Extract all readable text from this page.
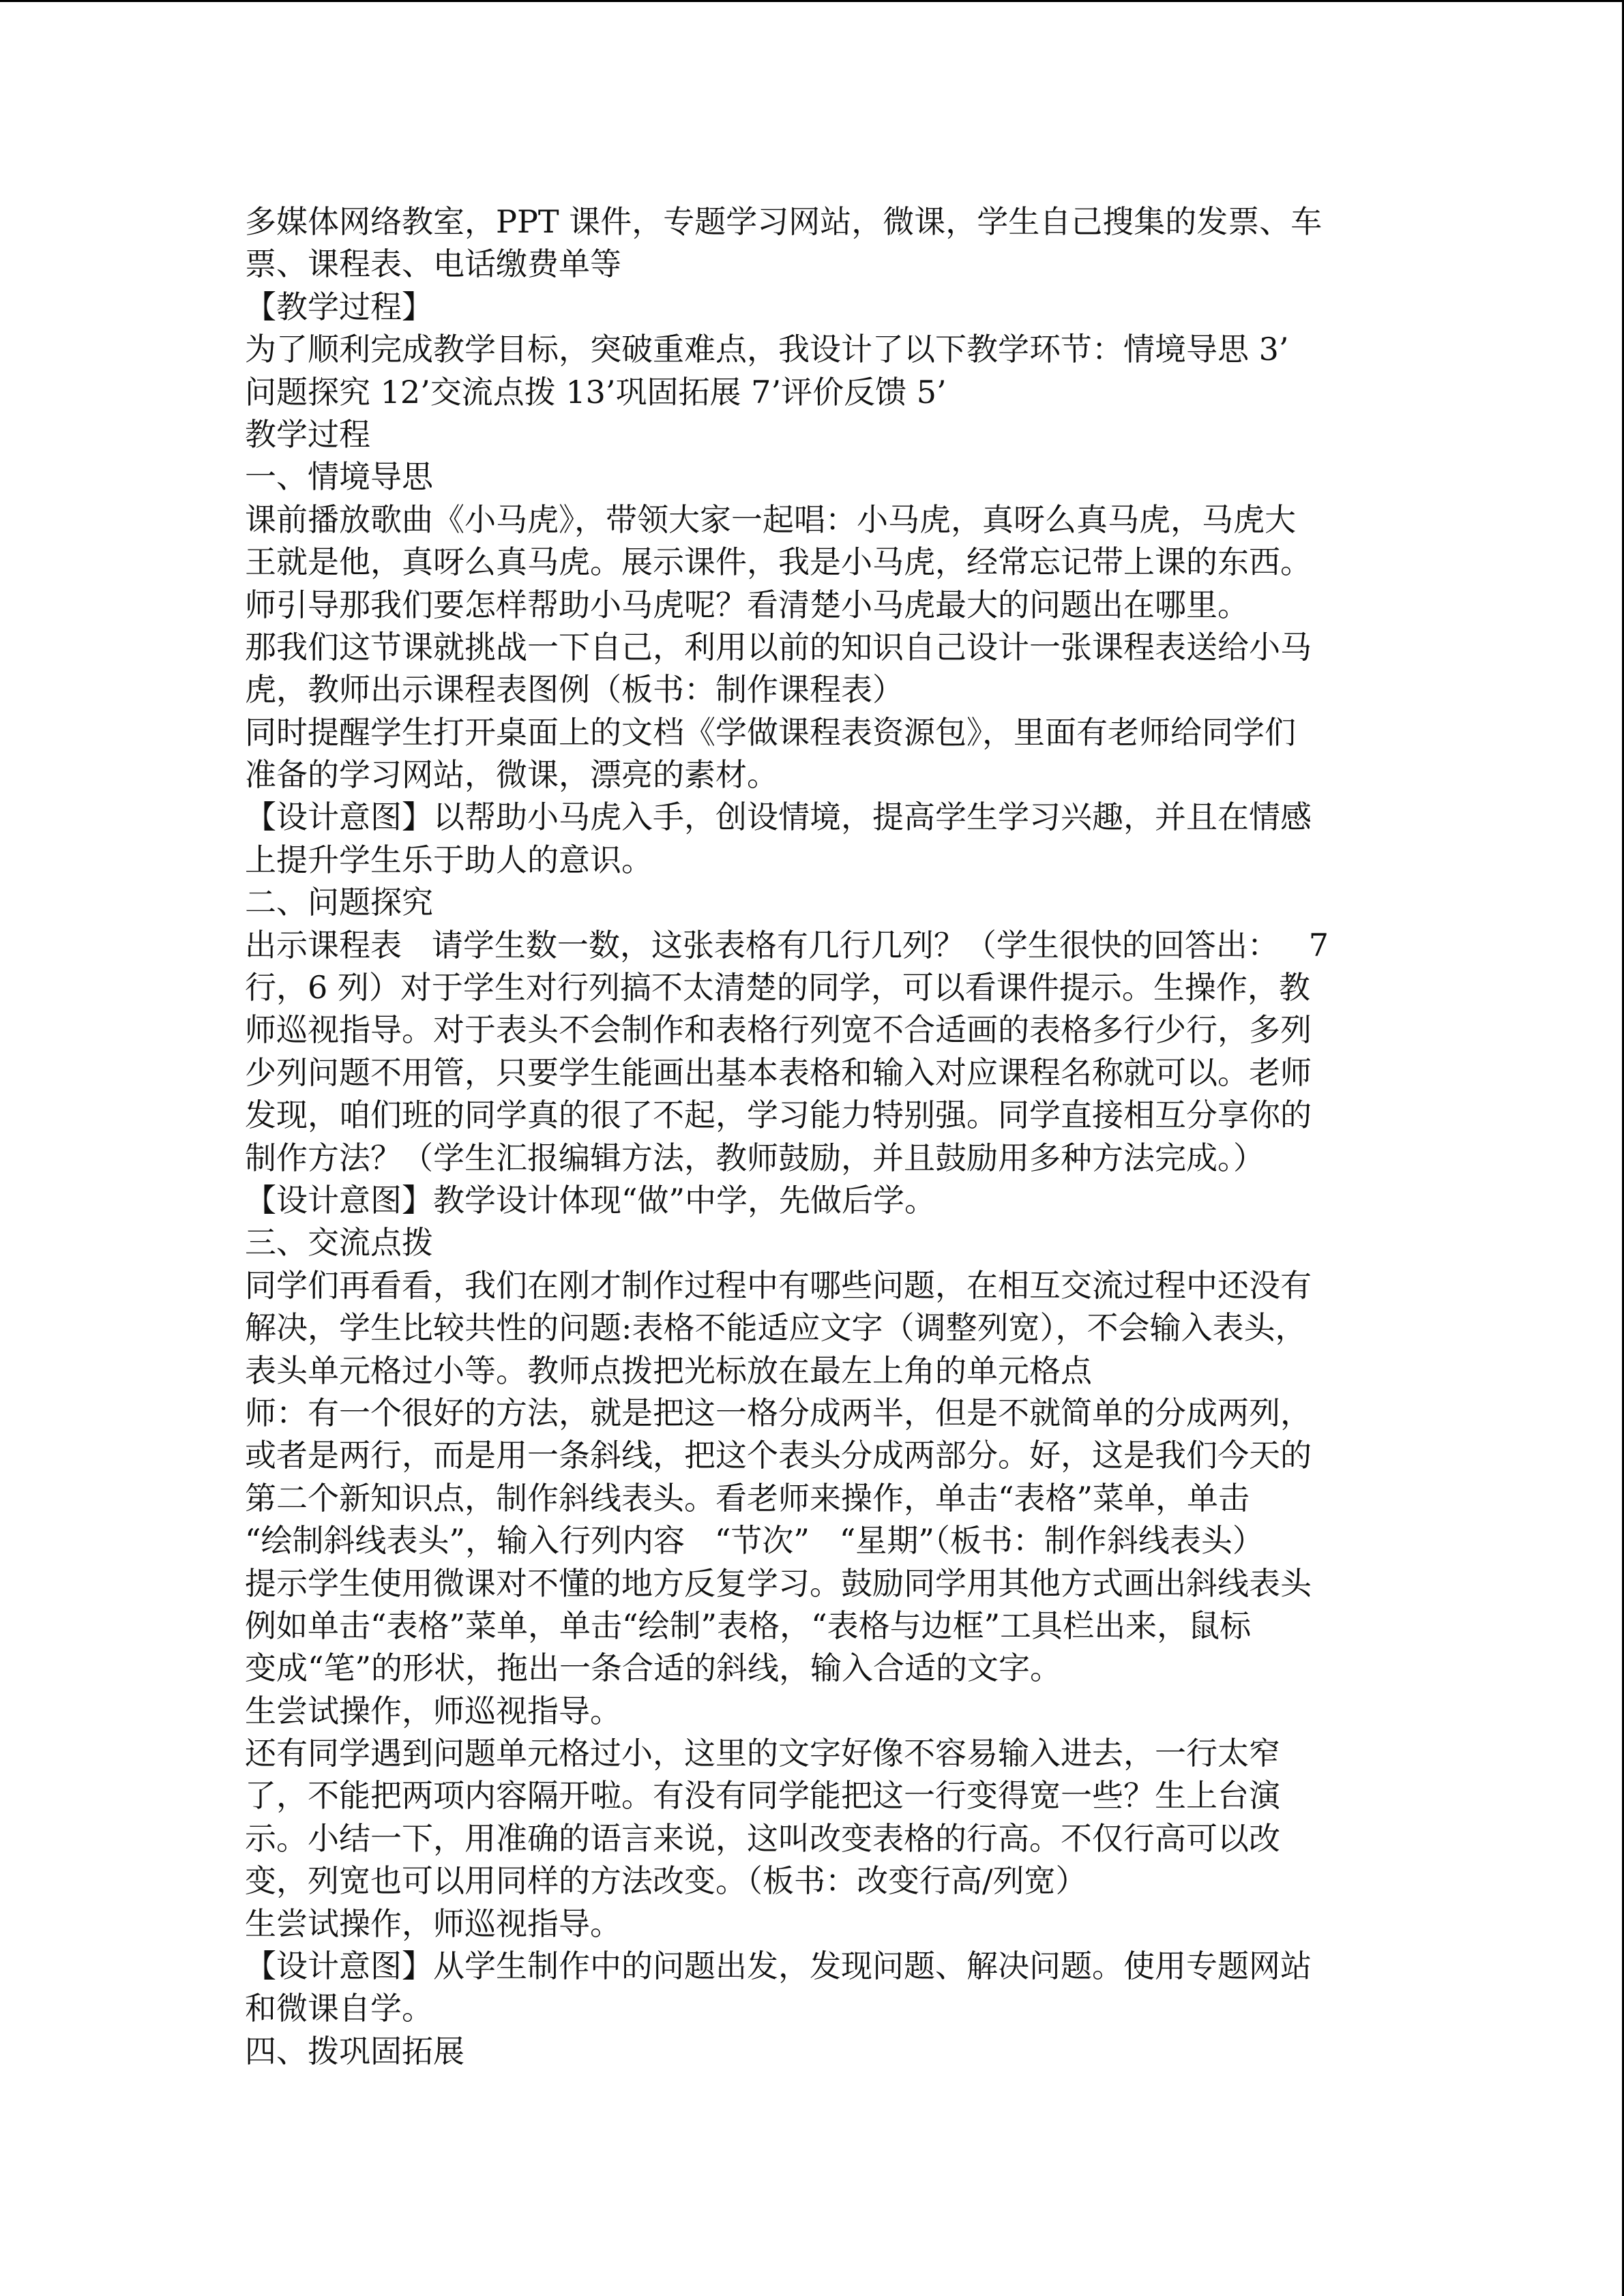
多媒体网络教室，PPT 课件，专题学习网站，微课，学生自己搜集的发票、车
票、课程表、电话缴费单等
【教学过程】
为了顺利完成教学目标，突破重难点，我设计了以下教学环节：情境导思 3’
问题探究 12’交流点拨 13’巩固拓展 7’评价反馈 5’
教学过程
一、情境导思
课前播放歌曲《小马虎》，带领大家一起唱：小马虎，真呀么真马虎，马虎大
王就是他，真呀么真马虎。展示课件，我是小马虎，经常忘记带上课的东西。
师引导那我们要怎样帮助小马虎呢？看清楚小马虎最大的问题出在哪里。
那我们这节课就挑战一下自己，利用以前的知识自己设计一张课程表送给小马
虎，教师出示课程表图例（板书：制作课程表）
同时提醒学生打开桌面上的文档《学做课程表资源包》，里面有老师给同学们
准备的学习网站，微课，漂亮的素材。
【设计意图】以帮助小马虎入手，创设情境，提高学生学习兴趣，并且在情感
上提升学生乐于助人的意识。
二、问题探究
出示课程表   请学生数一数，这张表格有几行几列？（学生很快的回答出：   7
行，6 列）对于学生对行列搞不太清楚的同学，可以看课件提示。生操作，教
师巡视指导。对于表头不会制作和表格行列宽不合适画的表格多行少行，多列
少列问题不用管，只要学生能画出基本表格和输入对应课程名称就可以。老师
发现，咱们班的同学真的很了不起，学习能力特别强。同学直接相互分享你的
制作方法？（学生汇报编辑方法，教师鼓励，并且鼓励用多种方法完成。）
【设计意图】教学设计体现“做”中学，先做后学。
三、交流点拨
同学们再看看，我们在刚才制作过程中有哪些问题，在相互交流过程中还没有
解决，学生比较共性的问题:表格不能适应文字（调整列宽），不会输入表头，
表头单元格过小等。教师点拨把光标放在最左上角的单元格点
师：有一个很好的方法，就是把这一格分成两半，但是不就简单的分成两列，
或者是两行，而是用一条斜线，把这个表头分成两部分。好，这是我们今天的
第二个新知识点，制作斜线表头。看老师来操作，单击“表格”菜单，单击
“绘制斜线表头”，输入行列内容   “节次”   “星期”（板书：制作斜线表头）
提示学生使用微课对不懂的地方反复学习。鼓励同学用其他方式画出斜线表头
例如单击“表格”菜单，单击“绘制”表格，“表格与边框”工具栏出来，鼠标
变成“笔”的形状，拖出一条合适的斜线，输入合适的文字。
生尝试操作，师巡视指导。
还有同学遇到问题单元格过小，这里的文字好像不容易输入进去，一行太窄
了，不能把两项内容隔开啦。有没有同学能把这一行变得宽一些？生上台演
示。小结一下，用准确的语言来说，这叫改变表格的行高。不仅行高可以改
变，列宽也可以用同样的方法改变。（板书：改变行高/列宽）
生尝试操作，师巡视指导。
【设计意图】从学生制作中的问题出发，发现问题、解决问题。使用专题网站
和微课自学。
四、拨巩固拓展
